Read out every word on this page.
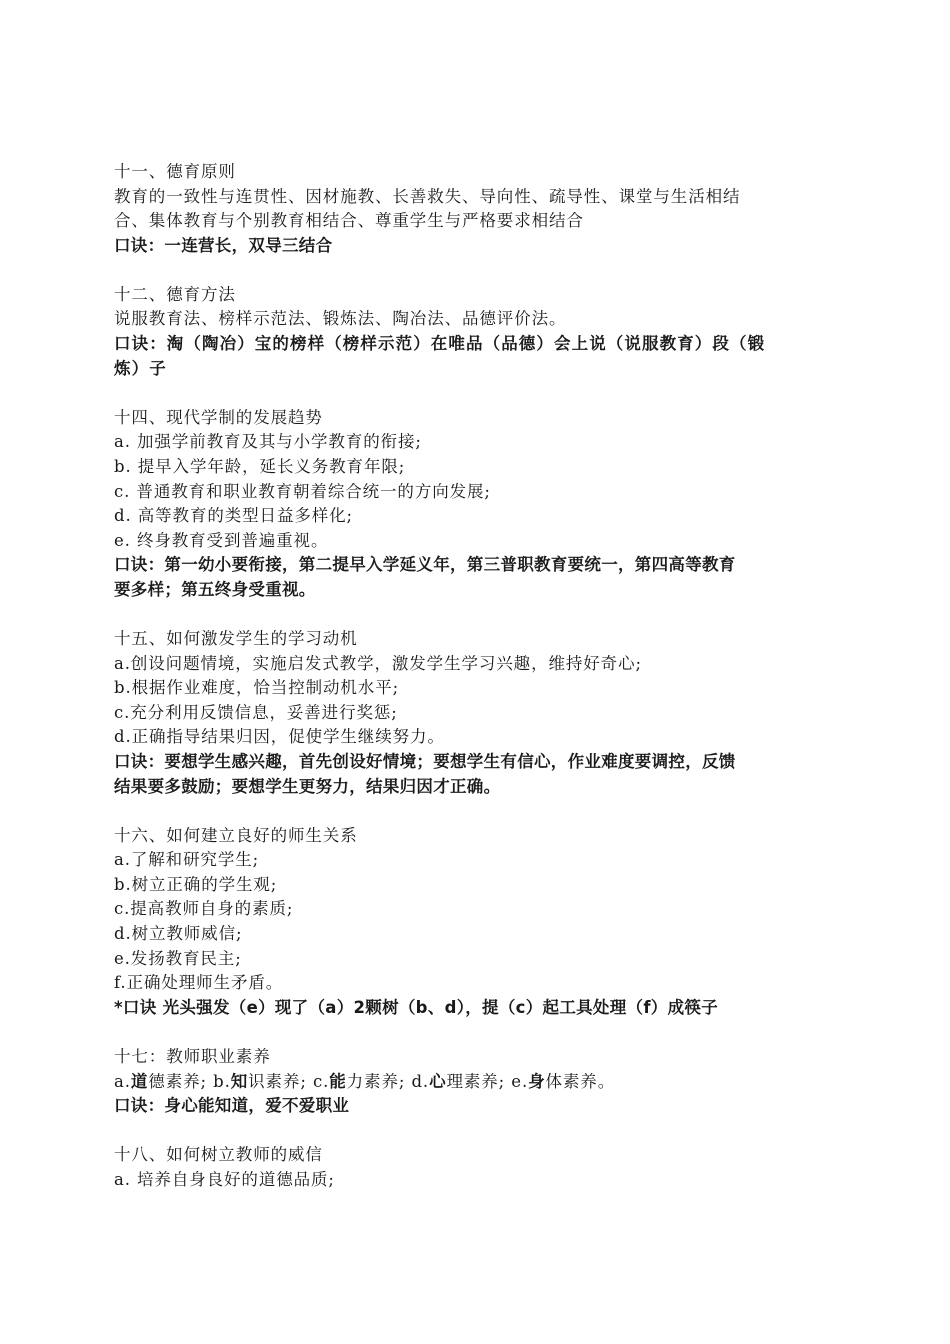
十一、德育原则
教育的一致性与连贯性、因材施教、长善救失、导向性、疏导性、课堂与生活相结
合、集体教育与个别教育相结合、尊重学生与严格要求相结合
口诀：一连营长，双导三结合
十二、德育方法
说服教育法、榜样示范法、锻炼法、陶冶法、品德评价法。
口诀：淘（陶冶）宝的榜样（榜样示范）在唯品（品德）会上说（说服教育）段（锻
炼）子
十四、现代学制的发展趋势
a. 加强学前教育及其与小学教育的衔接;
b. 提早入学年龄，延长义务教育年限;
c. 普通教育和职业教育朝着综合统一的方向发展;
d. 高等教育的类型日益多样化;
e. 终身教育受到普遍重视。
口诀：第一幼小要衔接，第二提早入学延义年，第三普职教育要统一，第四高等教育
要多样；第五终身受重视。
十五、如何激发学生的学习动机
a.创设问题情境，实施启发式教学，激发学生学习兴趣，维持好奇心;
b.根据作业难度，恰当控制动机水平;
c.充分利用反馈信息，妥善进行奖惩;
d.正确指导结果归因，促使学生继续努力。
口诀：要想学生感兴趣，首先创设好情境；要想学生有信心，作业难度要调控，反馈
结果要多鼓励；要想学生更努力，结果归因才正确。
十六、如何建立良好的师生关系
a.了解和研究学生;
b.树立正确的学生观;
c.提高教师自身的素质;
d.树立教师威信;
e.发扬教育民主;
f.正确处理师生矛盾。
*口诀 光头强发（e）现了（a）2颗树（b、d），提（c）起工具处理（f）成筷子
十七：教师职业素养
a.道德素养; b.知识素养; c.能力素养; d.心理素养; e.身体素养。
口诀：身心能知道，爱不爱职业
十八、如何树立教师的威信
a. 培养自身良好的道德品质;
